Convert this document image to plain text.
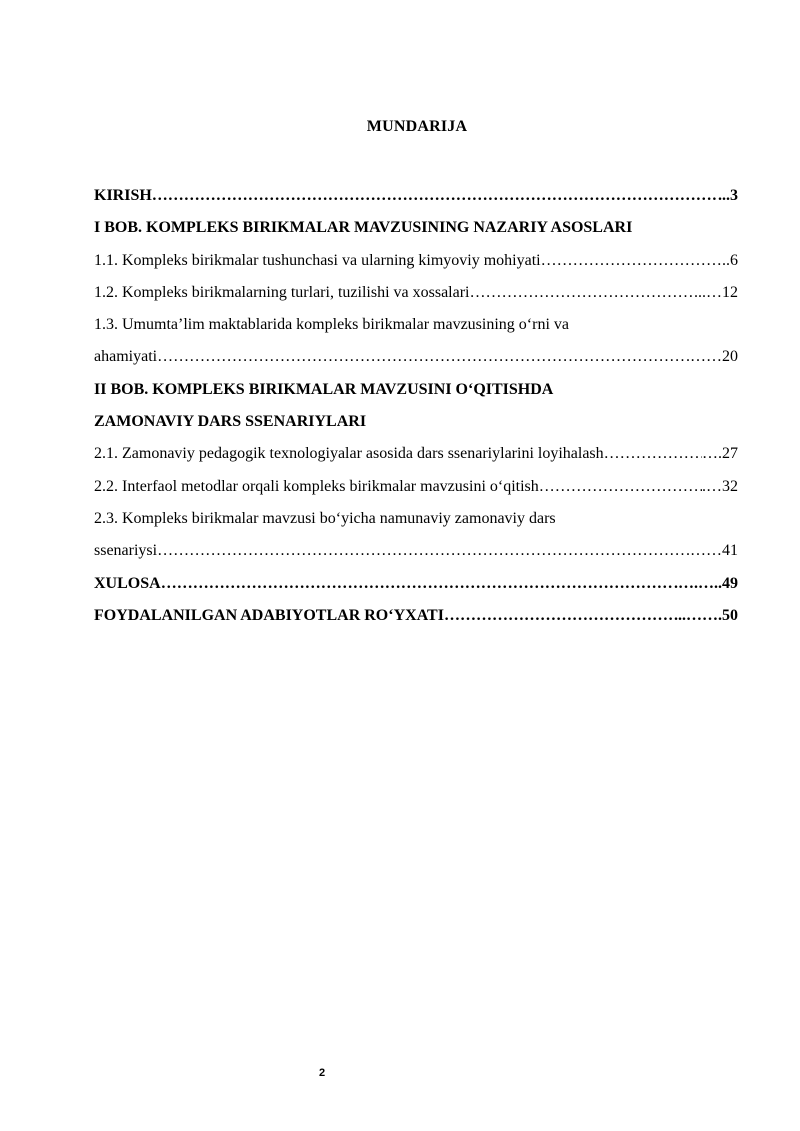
MUNDARIJA
KIRISH …………………………………………………………………………………………………………………………………………………………………………	...3
I BOB. KOMPLEKS BIRIKMALAR MAVZUSINING NAZARIY ASOSLARI
1.1. Kompleks birikmalar tushunchasi va ularning kimyoviy mohiyati …………………………………………………………………………………………………………………………………………………………………………	..6
1.2. Kompleks birikmalarning turlari, tuzilishi va xossalari …………………………………………………………………………………………………………………………………………………………………………	...…12
1.3. Umumta’lim maktablarida kompleks birikmalar mavzusining o‘rni va
ahamiyati …………………………………………………………………………………………………………………………………………………………………………	.……20
II BOB. KOMPLEKS BIRIKMALAR MAVZUSINI O‘QITISHDA
ZAMONAVIY DARS SSENARIYLARI
2.1. Zamonaviy pedagogik texnologiyalar asosida dars ssenariylarini loyihalash …………………………………………………………………………………………………………………………………………………………………………	….27
2.2. Interfaol metodlar orqali kompleks birikmalar mavzusini o‘qitish …………………………………………………………………………………………………………………………………………………………………………	.…32
2.3. Kompleks birikmalar mavzusi bo‘yicha namunaviy zamonaviy dars
ssenariysi …………………………………………………………………………………………………………………………………………………………………………	.……41
XULOSA …………………………………………………………………………………………………………………………………………………………………………	.….…..49
FOYDALANILGAN ADABIYOTLAR RO‘YXATI …………………………………………………………………………………………………………………………………………………………………………	...…….50
2
